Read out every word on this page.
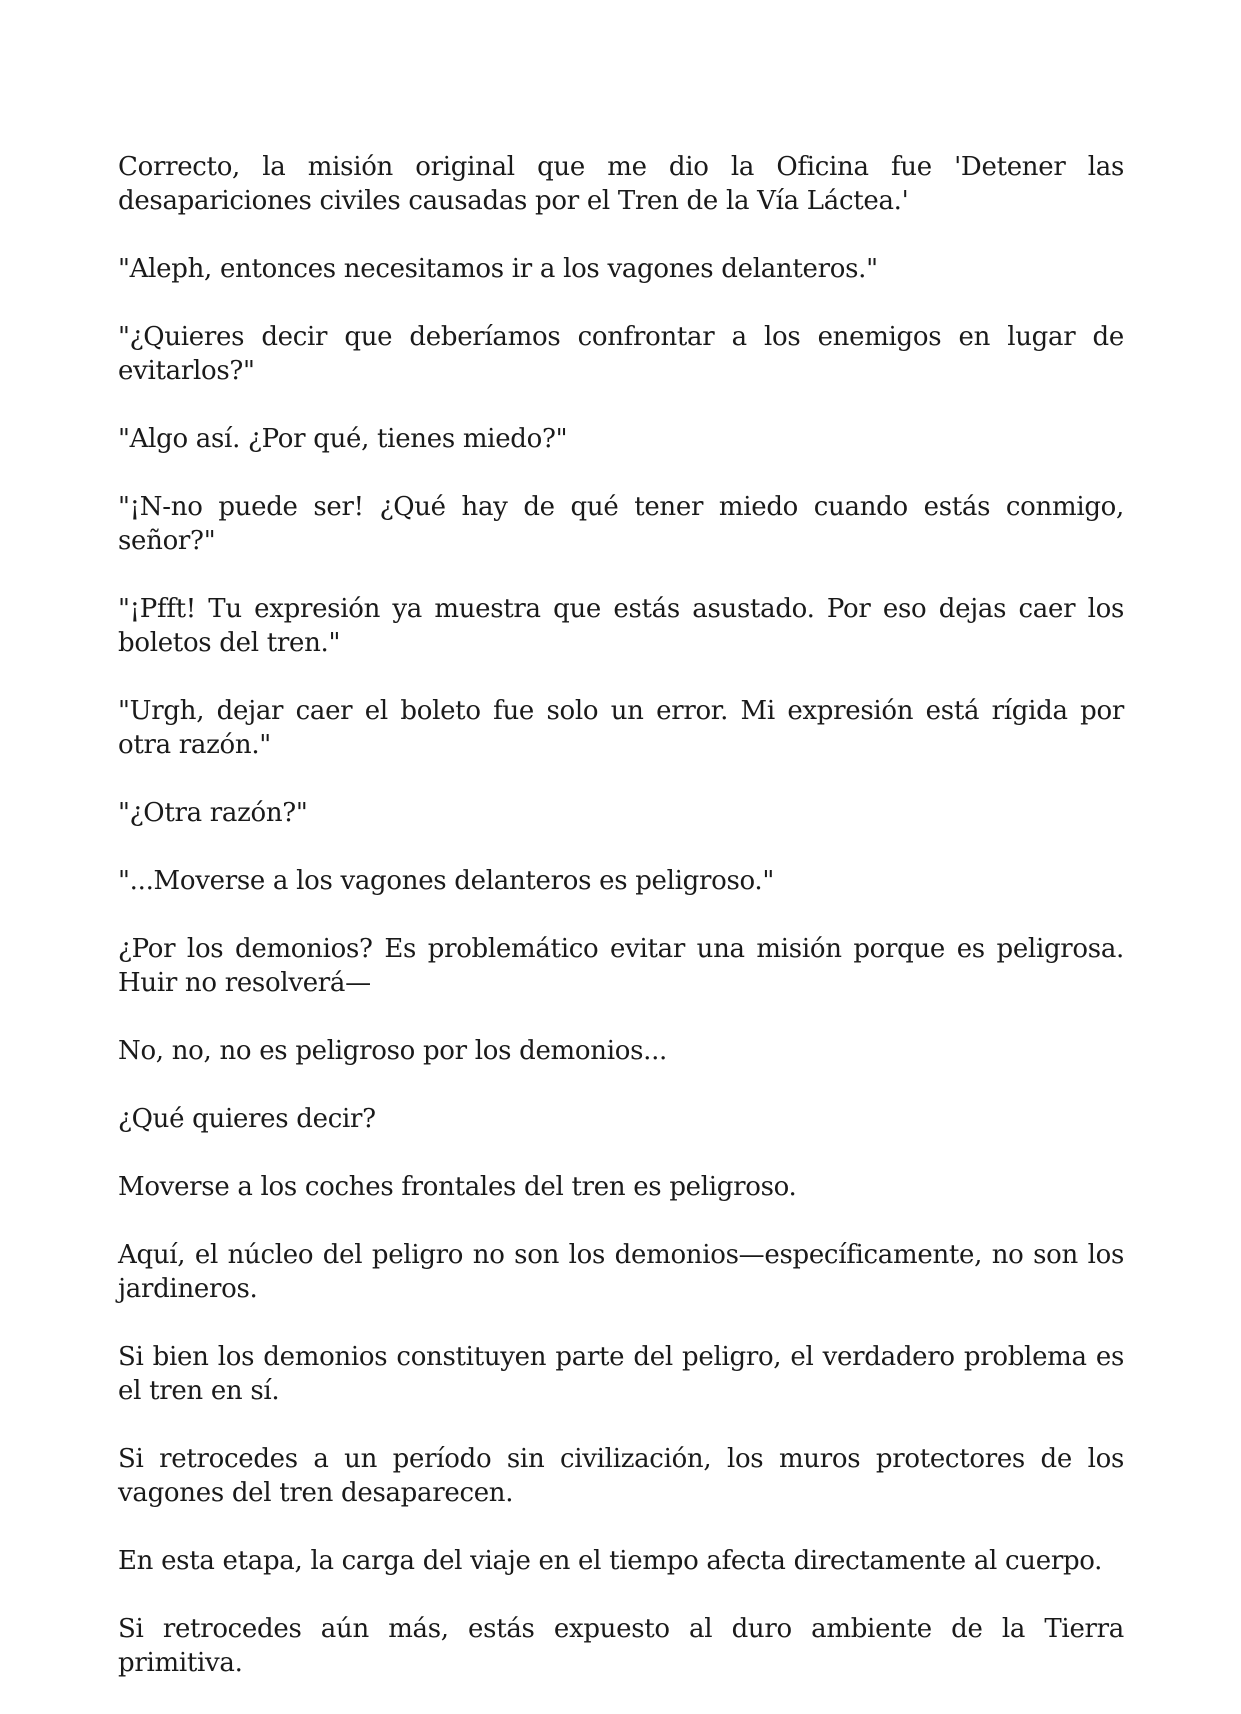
Correcto, la misión original que me dio la Oficina fue 'Detener las desapariciones civiles causadas por el Tren de la Vía Láctea.'

"Aleph, entonces necesitamos ir a los vagones delanteros."

"¿Quieres decir que deberíamos confrontar a los enemigos en lugar de evitarlos?"

"Algo así. ¿Por qué, tienes miedo?"

"¡N-no puede ser! ¿Qué hay de qué tener miedo cuando estás conmigo, señor?"

"¡Pfft! Tu expresión ya muestra que estás asustado. Por eso dejas caer los boletos del tren."

"Urgh, dejar caer el boleto fue solo un error. Mi expresión está rígida por otra razón."

"¿Otra razón?"

"...Moverse a los vagones delanteros es peligroso."

¿Por los demonios? Es problemático evitar una misión porque es peligrosa. Huir no resolverá—

No, no, no es peligroso por los demonios...

¿Qué quieres decir?

Moverse a los coches frontales del tren es peligroso.

Aquí, el núcleo del peligro no son los demonios—específicamente, no son los jardineros.

Si bien los demonios constituyen parte del peligro, el verdadero problema es el tren en sí.

Si retrocedes a un período sin civilización, los muros protectores de los vagones del tren desaparecen.

En esta etapa, la carga del viaje en el tiempo afecta directamente al cuerpo.

Si retrocedes aún más, estás expuesto al duro ambiente de la Tierra primitiva.
